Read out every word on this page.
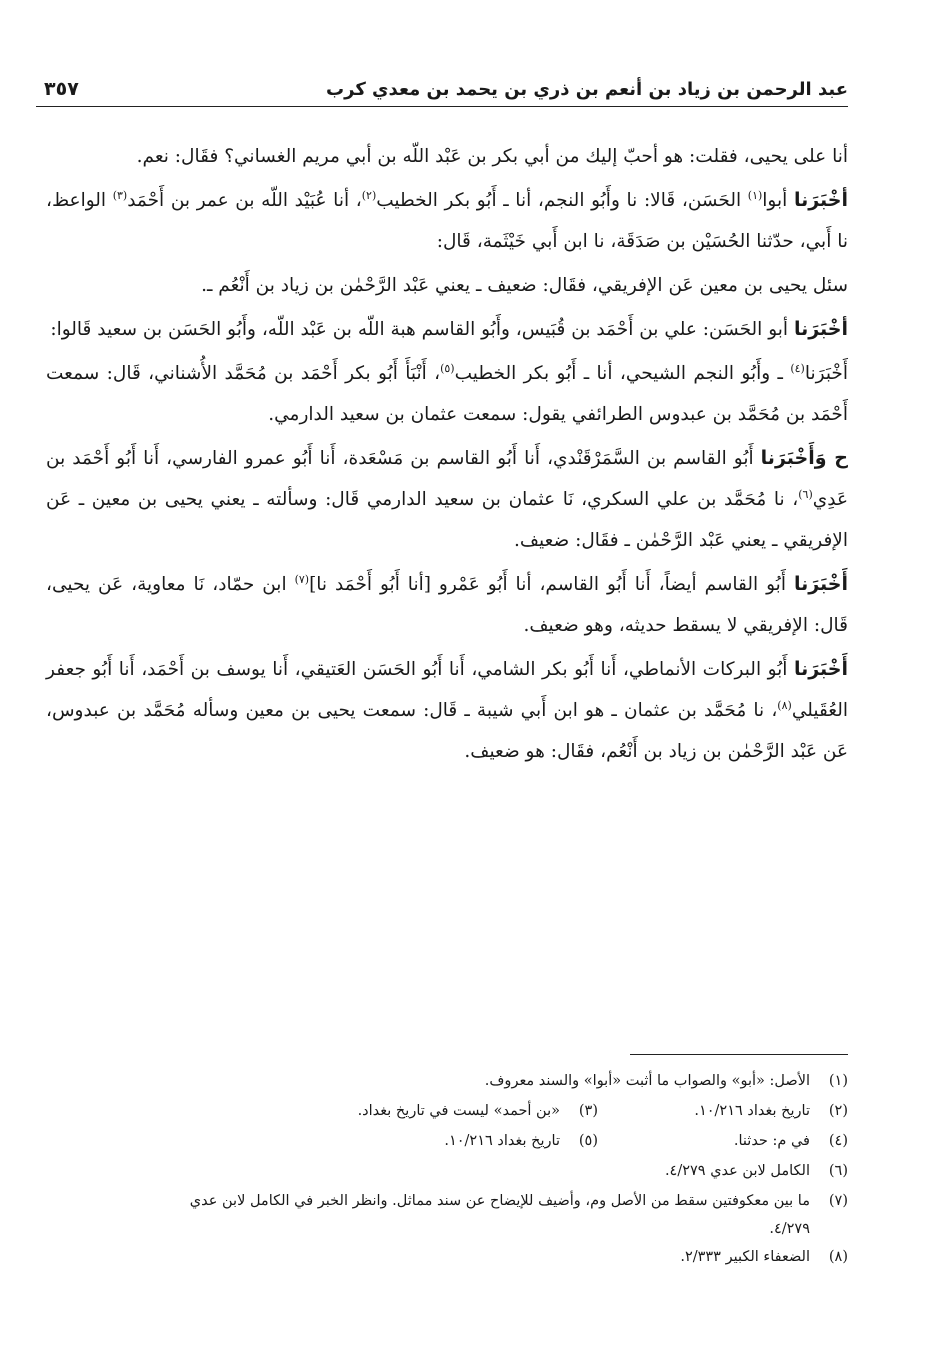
عبد الرحمن بن زياد بن أنعم بن ذري بن يحمد بن معدي كرب
٣٥٧

أنا على يحيى، فقلت: هو أحبّ إليك من أبي بكر بن عَبْد اللّه بن أبي مريم الغساني؟ فقَال: نعم.

أخْبَرَنا أبوا$^{(١)}$ الحَسَن، قَالا: نا وأَبُو النجم، أنا ـ أَبُو بكر الخطيب$^{(٢)}$، أنا عُبَيْد اللّه بن عمر بن أَحْمَد$^{(٣)}$ الواعظ، نا أَبي، حدّثنا الحُسَيْن بن صَدَقَة، نا ابن أَبي خَيْثَمة، قَال:

سئل يحيى بن معين عَن الإفريقي، فقَال: ضعيف ـ يعني عَبْد الرَّحْمٰن بن زياد بن أَنْعُم ـ.

أخْبَرَنا أبو الحَسَن: علي بن أَحْمَد بن قُبَيس، وأَبُو القاسم هبة اللّه بن عَبْد اللّه، وأَبُو الحَسَن بن سعيد قَالوا:

أَخْبَرَنا$^{(٤)}$ ـ وأَبُو النجم الشيحي، أنا ـ أَبُو بكر الخطيب$^{(٥)}$، أَنْبَأَ أَبُو بكر أَحْمَد بن مُحَمَّد الأُشناني، قَال: سمعت أَحْمَد بن مُحَمَّد بن عبدوس الطرائفي يقول: سمعت عثمان بن سعيد الدارمي.

ح وَأَخْبَرَنا أَبُو القاسم بن السَّمَرْقَنْدي، أَنا أَبُو القاسم بن مَسْعَدة، أَنا أَبُو عمرو الفارسي، أَنا أَبُو أَحْمَد بن عَدِي$^{(٦)}$، نا مُحَمَّد بن علي السكري، نَا عثمان بن سعيد الدارمي قَال: وسألته ـ يعني يحيى بن معين ـ عَن الإفريقي ـ يعني عَبْد الرَّحْمٰن ـ فقَال: ضعيف.

أَخْبَرَنا أَبُو القاسم أيضاً، أَنا أَبُو القاسم، أنا أَبُو عَمْرو [أنا أَبُو أَحْمَد نا]$^{(٧)}$ ابن حمّاد، نَا معاوية، عَن يحيى، قَال: الإفريقي لا يسقط حديثه، وهو ضعيف.

أَخْبَرَنا أَبُو البركات الأنماطي، أَنا أَبُو بكر الشامي، أَنا أَبُو الحَسَن العَتيقي، أَنا يوسف بن أَحْمَد، أَنا أَبُو جعفر العُقَيلي$^{(٨)}$، نا مُحَمَّد بن عثمان ـ هو ابن أَبي شيبة ـ قَال: سمعت يحيى بن معين وسأله مُحَمَّد بن عبدوس، عَن عَبْد الرَّحْمٰن بن زياد بن أَنْعُم، فقَال: هو ضعيف.

(١)
الأصل: «أبو» والصواب ما أثبت «أبوا» والسند معروف.
(٢)
تاريخ بغداد ١٠/٢١٦.
(٣)
«بن أحمد» ليست في تاريخ بغداد.
(٤)
في م: حدثنا.
(٥)
تاريخ بغداد ١٠/٢١٦.
(٦)
الكامل لابن عدي ٤/٢٧٩.
(٧)
ما بين معكوفتين سقط من الأصل وم، وأضيف للإيضاح عن سند مماثل. وانظر الخبر في الكامل لابن عدي
٤/٢٧٩.
(٨)
الضعفاء الكبير ٢/٣٣٣.
